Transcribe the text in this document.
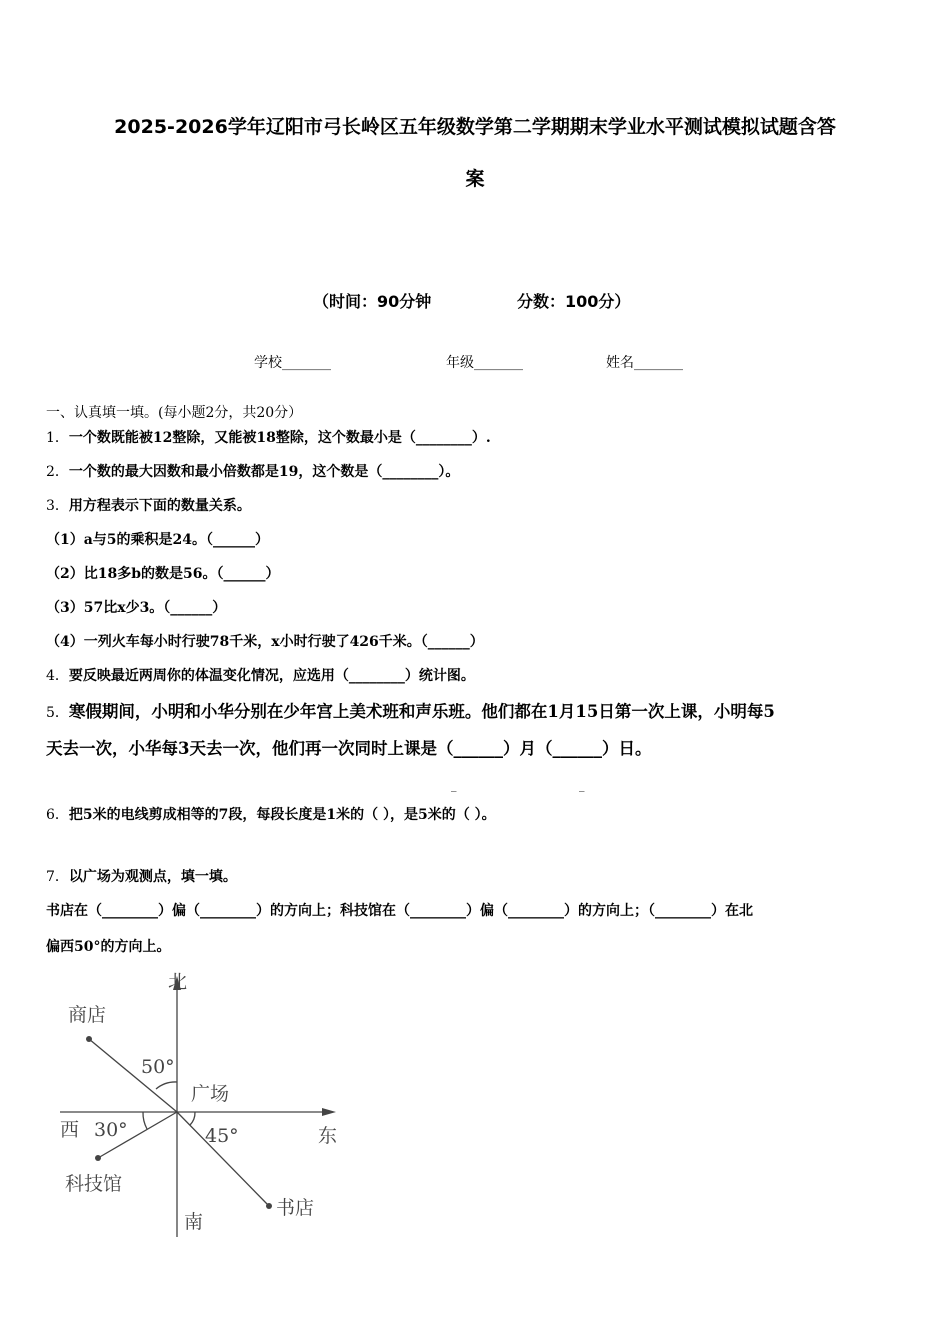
2025-2026学年辽阳市弓长岭区五年级数学第二学期期末学业水平测试模拟试题含答
案
（时间：90分钟	分数：100分）
学校_______	年级_______	姓名_______
一、认真填一填。(每小题2分，共20分）
1．一个数既能被12整除，又能被18整除，这个数最小是（________）.
2．一个数的最大因数和最小倍数都是19，这个数是（________）。
3．用方程表示下面的数量关系。
（1）a与5的乘积是24。（______）
（2）比18多b的数是56。（______）
（3）57比x少3。（______）
（4）一列火车每小时行驶78千米，x小时行驶了426千米。（______）
4．要反映最近两周你的体温变化情况，应选用（________）统计图。
5．寒假期间，小明和小华分别在少年宫上美术班和声乐班。他们都在1月15日第一次上课，小明每5
天去一次，小华每3天去一次，他们再一次同时上课是（______）月（______）日。
_	_
6．把5米的电线剪成相等的7段，每段长度是1米的（ ），是5米的（ ）。
7．以广场为观测点，填一填。
书店在（________）偏（________）的方向上；科技馆在（________）偏（________）的方向上；（________）在北
偏西50°的方向上。
北
南
东
西
广场
商店
书店
科技馆
50°
30°	45°
